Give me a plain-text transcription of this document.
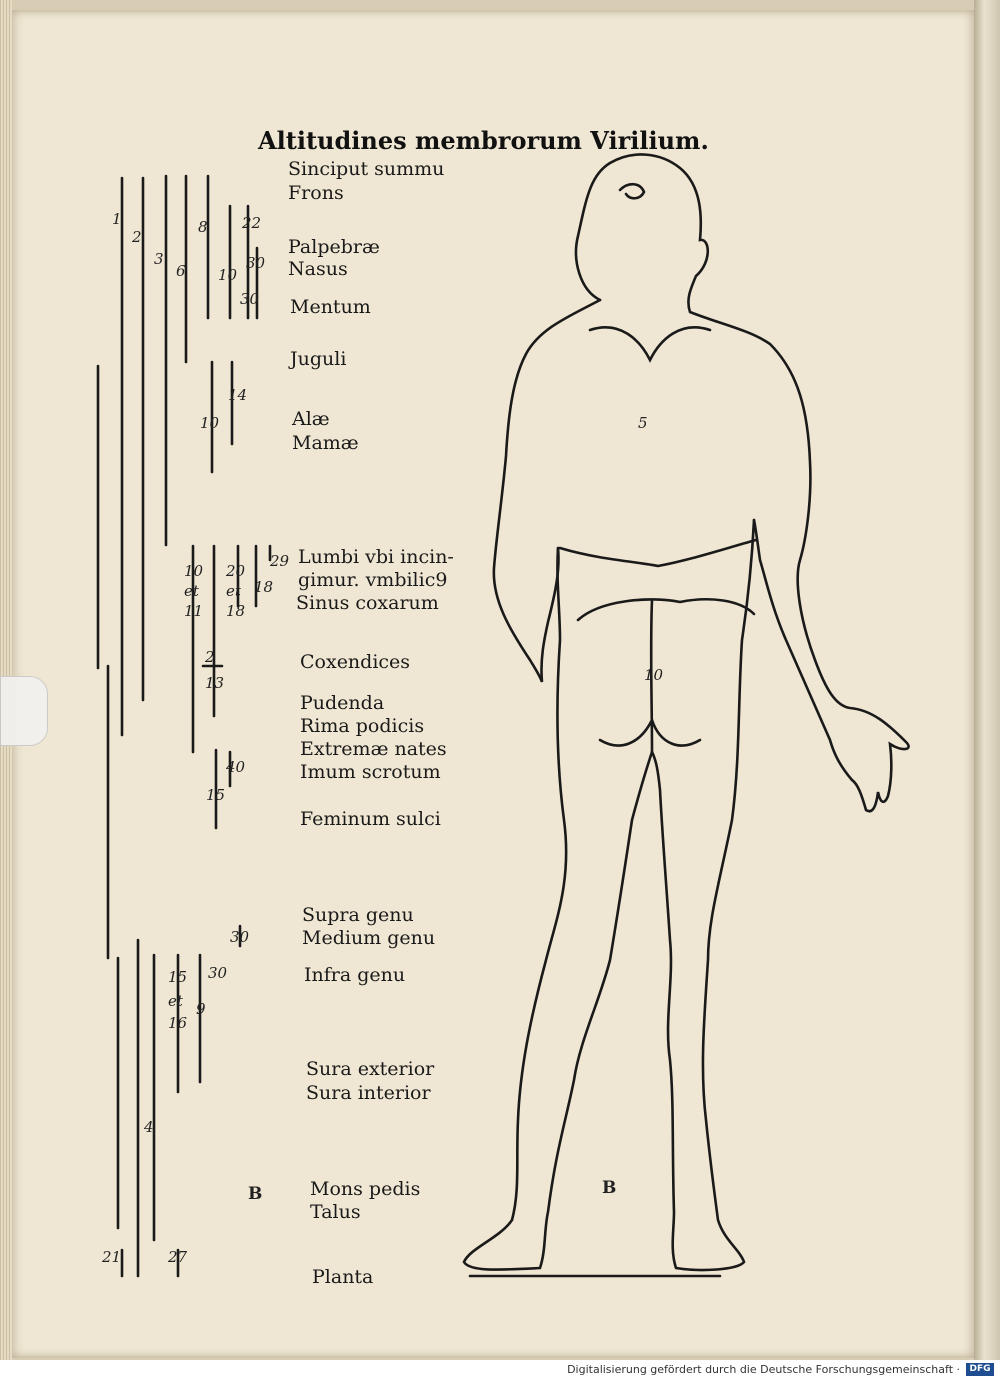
Altitudines membrorum Virilium.
Sinciput summu
Frons
Palpebræ
Nasus
Mentum
Juguli
Alæ
Mamæ
Lumbi vbi incin-
gimur. vmbilic9
Sinus coxarum
Coxendices
Pudenda
Rima podicis
Extremæ nates
Imum scrotum
Feminum sulci
Supra genu
Medium genu
Infra genu
Sura exterior
Sura interior
Mons pedis
Talus
Planta
1
2
3
6
8 22
10
30
30
14
10
10
et
11
20
et
18
18
29
2
13
40
15
30
15
et
16
30
9
4
21	27
5
10
B	B
Digitalisierung gefördert durch die Deutsche Forschungsgemeinschaft ·	DFG
